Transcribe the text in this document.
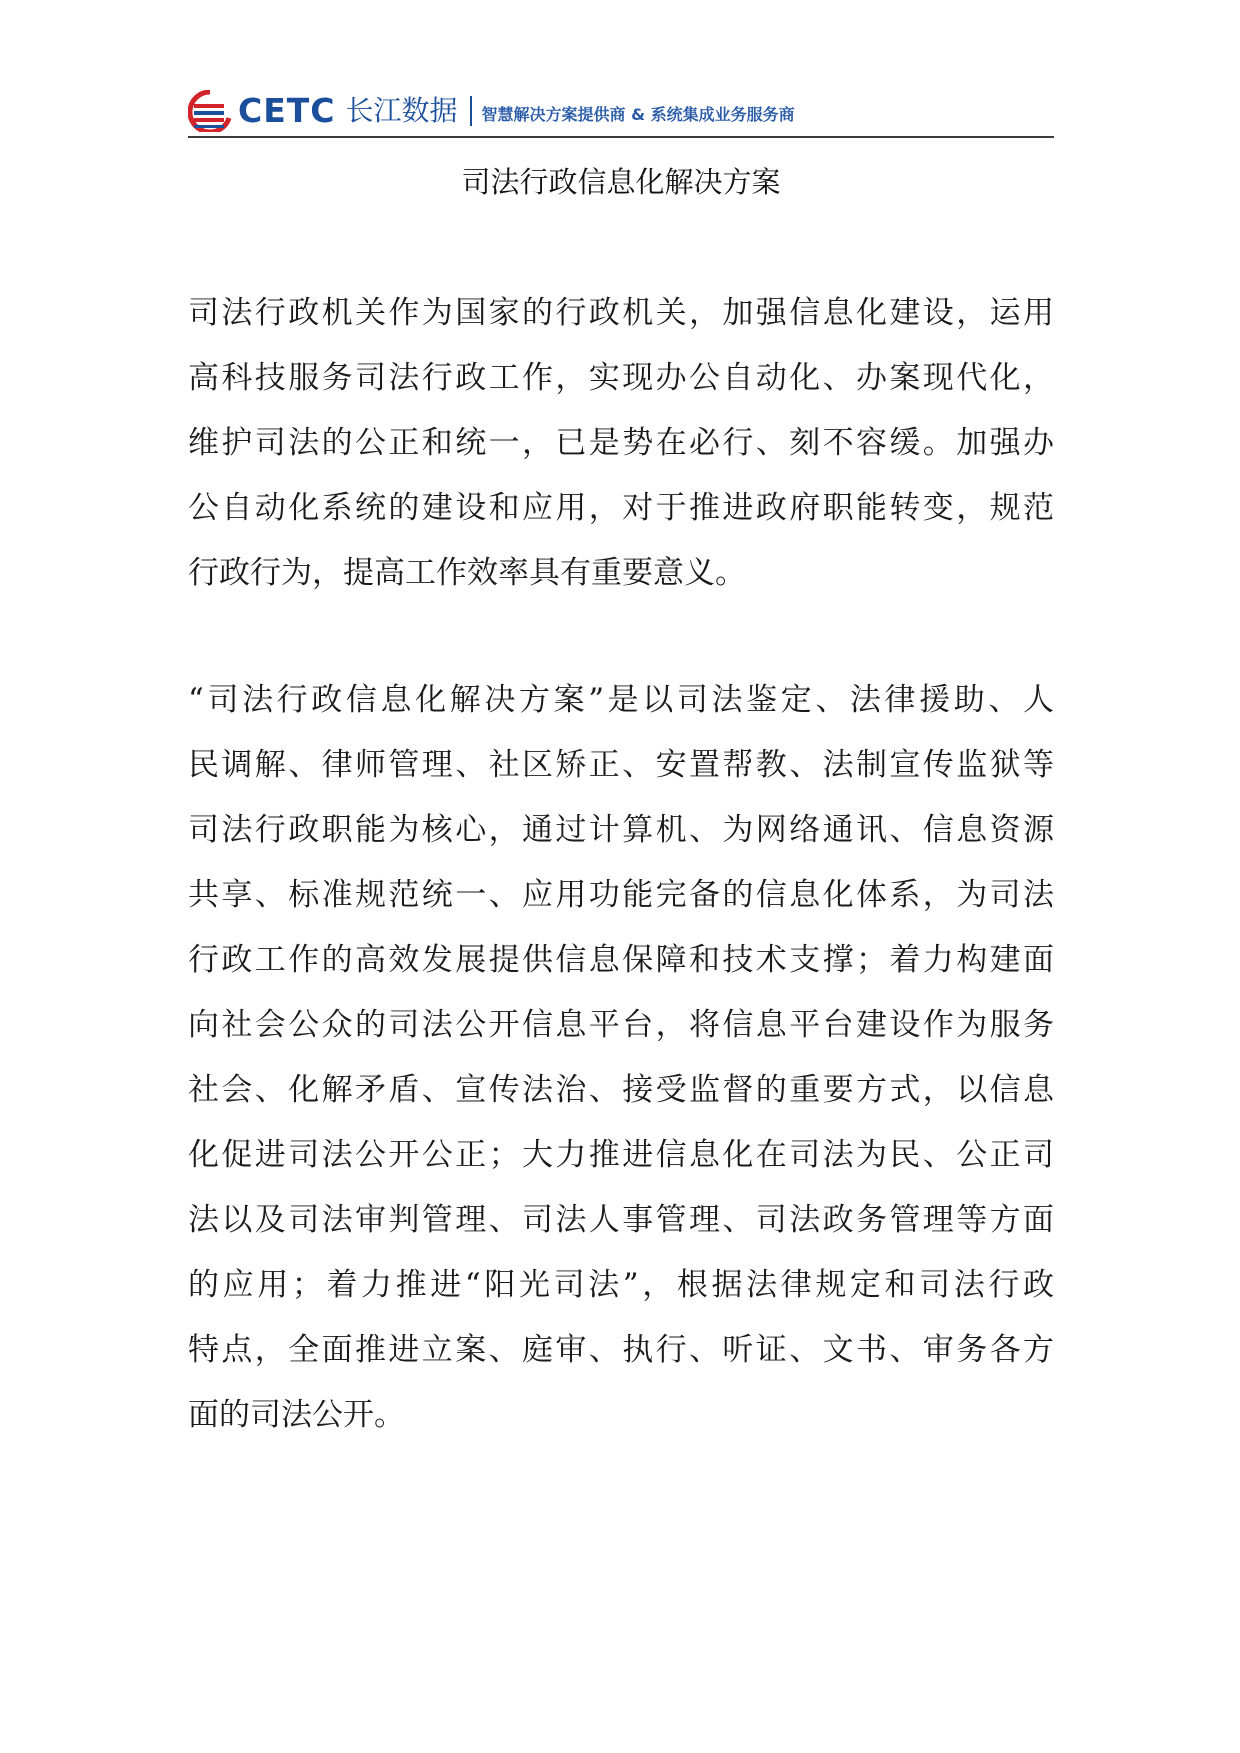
CETC 长江数据 智慧解决方案提供商 & 系统集成业务服务商
司法行政信息化解决方案
司法行政机关作为国家的行政机关，加强信息化建设，运用
高科技服务司法行政工作，实现办公自动化、办案现代化，
维护司法的公正和统一，已是势在必行、刻不容缓。加强办
公自动化系统的建设和应用，对于推进政府职能转变，规范
行政行为，提高工作效率具有重要意义。
“司法行政信息化解决方案”是以司法鉴定、法律援助、人
民调解、律师管理、社区矫正、安置帮教、法制宣传监狱等
司法行政职能为核心，通过计算机、为网络通讯、信息资源
共享、标准规范统一、应用功能完备的信息化体系，为司法
行政工作的高效发展提供信息保障和技术支撑；着力构建面
向社会公众的司法公开信息平台，将信息平台建设作为服务
社会、化解矛盾、宣传法治、接受监督的重要方式，以信息
化促进司法公开公正；大力推进信息化在司法为民、公正司
法以及司法审判管理、司法人事管理、司法政务管理等方面
的应用；着力推进“阳光司法”，根据法律规定和司法行政
特点，全面推进立案、庭审、执行、听证、文书、审务各方
面的司法公开。
